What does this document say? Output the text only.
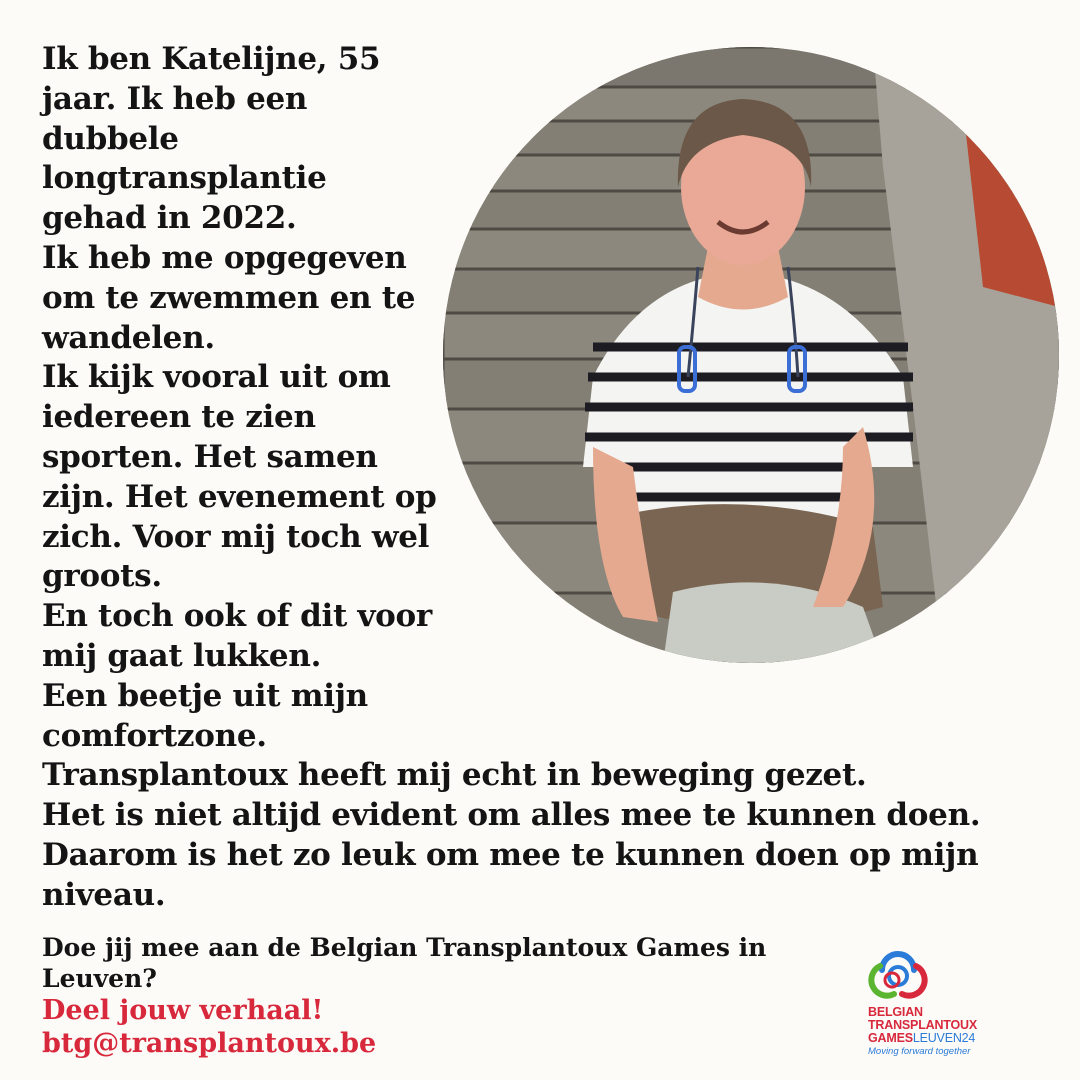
Ik ben Katelijne, 55

jaar. Ik heb een

dubbele

longtransplantie

gehad in 2022.

Ik heb me opgegeven

om te zwemmen en te

wandelen.

Ik kijk vooral uit om

iedereen te zien

sporten. Het samen

zijn. Het evenement op

zich. Voor mij toch wel

groots.

En toch ook of dit voor

mij gaat lukken.

Een beetje uit mijn

comfortzone.

Transplantoux heeft mij echt in beweging gezet.

Het is niet altijd evident om alles mee te kunnen doen.

Daarom is het zo leuk om mee te kunnen doen op mijn

niveau.

Doe jij mee aan de Belgian Transplantoux Games in
Leuven?
Deel jouw verhaal!
btg@transplantoux.be
BELGIAN
TRANSPLANTOUX
GAMESLEUVEN24
Moving forward together
